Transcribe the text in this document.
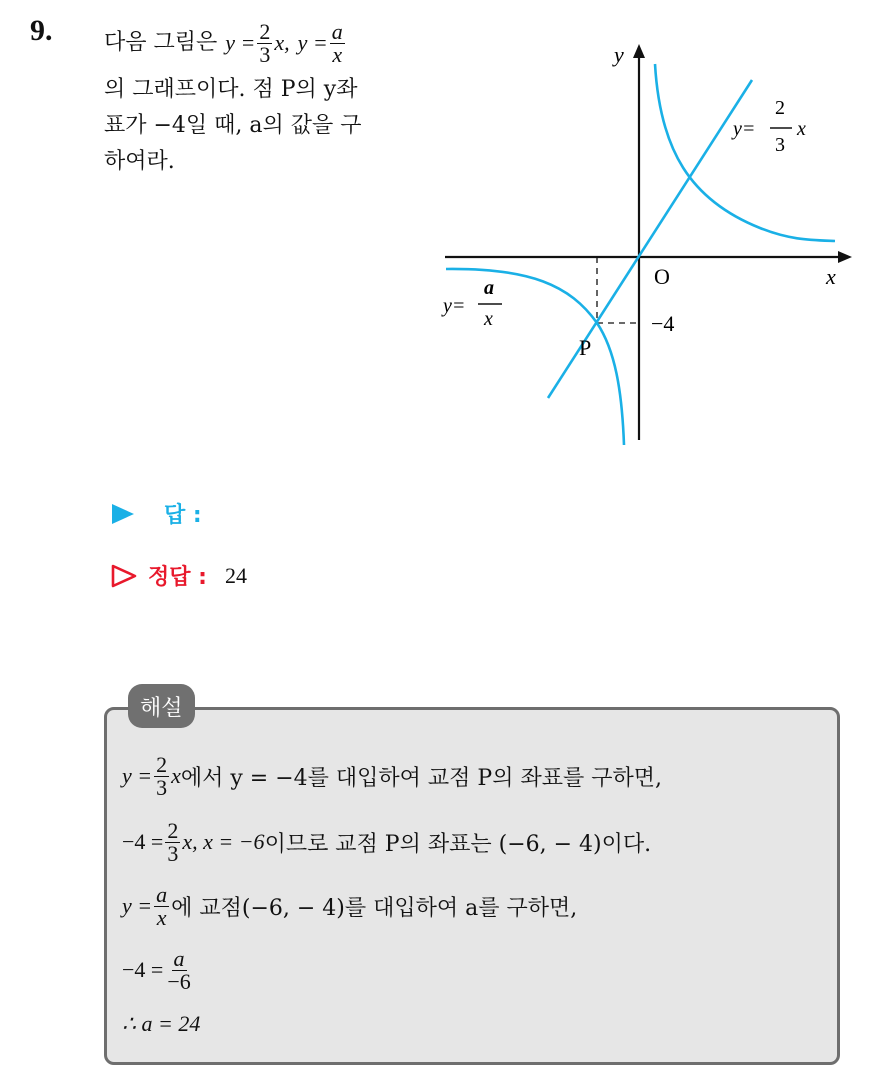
9. 다음 그림은 $y = \frac{2}{3} x$, $y = \frac{a}{x}$
의 그래프이다. 점 P의 y좌
표가 −4일 때, a의 값을 구
하여라.
y
x
O
P
−4
y=
2
3
x
y=
a
x
답 :
정답 : 24
해설
$y = \frac{2}{3}$ x 에서 y = −4를 대입하여 교점 P의 좌표를 구하면,
$-4 = \frac{2}{3} x$, x = −6 이므로 교점 P의 좌표는 (−6, − 4)이다.
$y = \frac{a}{x}$ 에 교점(−6, − 4)를 대입하여 a를 구하면,
$-4 = \frac{a}{-6}$
∴ a = 24
